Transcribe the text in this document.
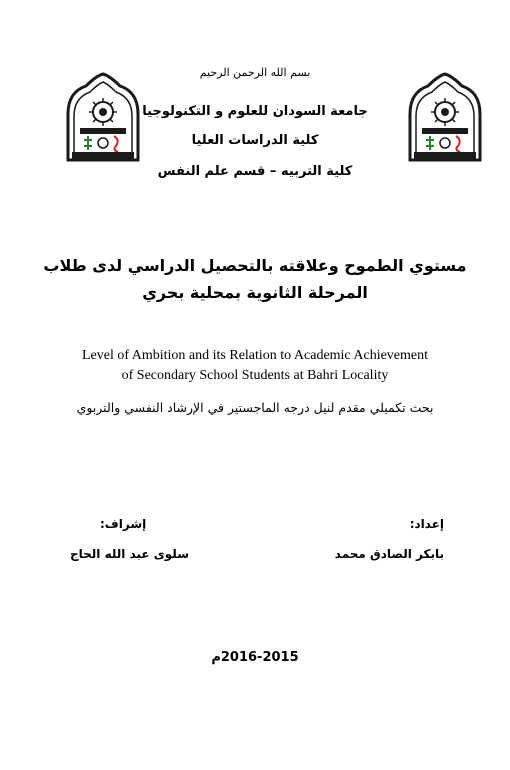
بسم الله الرحمن الرحيم
جامعة السودان للعلوم و التكنولوجيا
كلية الدراسات العليا
كلية التربيه – قسم علم النفس
مستوي الطموح وعلاقته بالتحصيل الدراسي لدى طلاب
المرحلة الثانوية بمحلية بحري
Level of Ambition and its Relation to Academic Achievement
of Secondary School Students at Bahri Locality
بحث تكميلي مقدم لنيل درجه الماجستير في الإرشاد النفسي والتربوي
إعداد:
إشراف:
بابكر الصادق محمد
سلوى عبد الله الحاج
2016-2015م
